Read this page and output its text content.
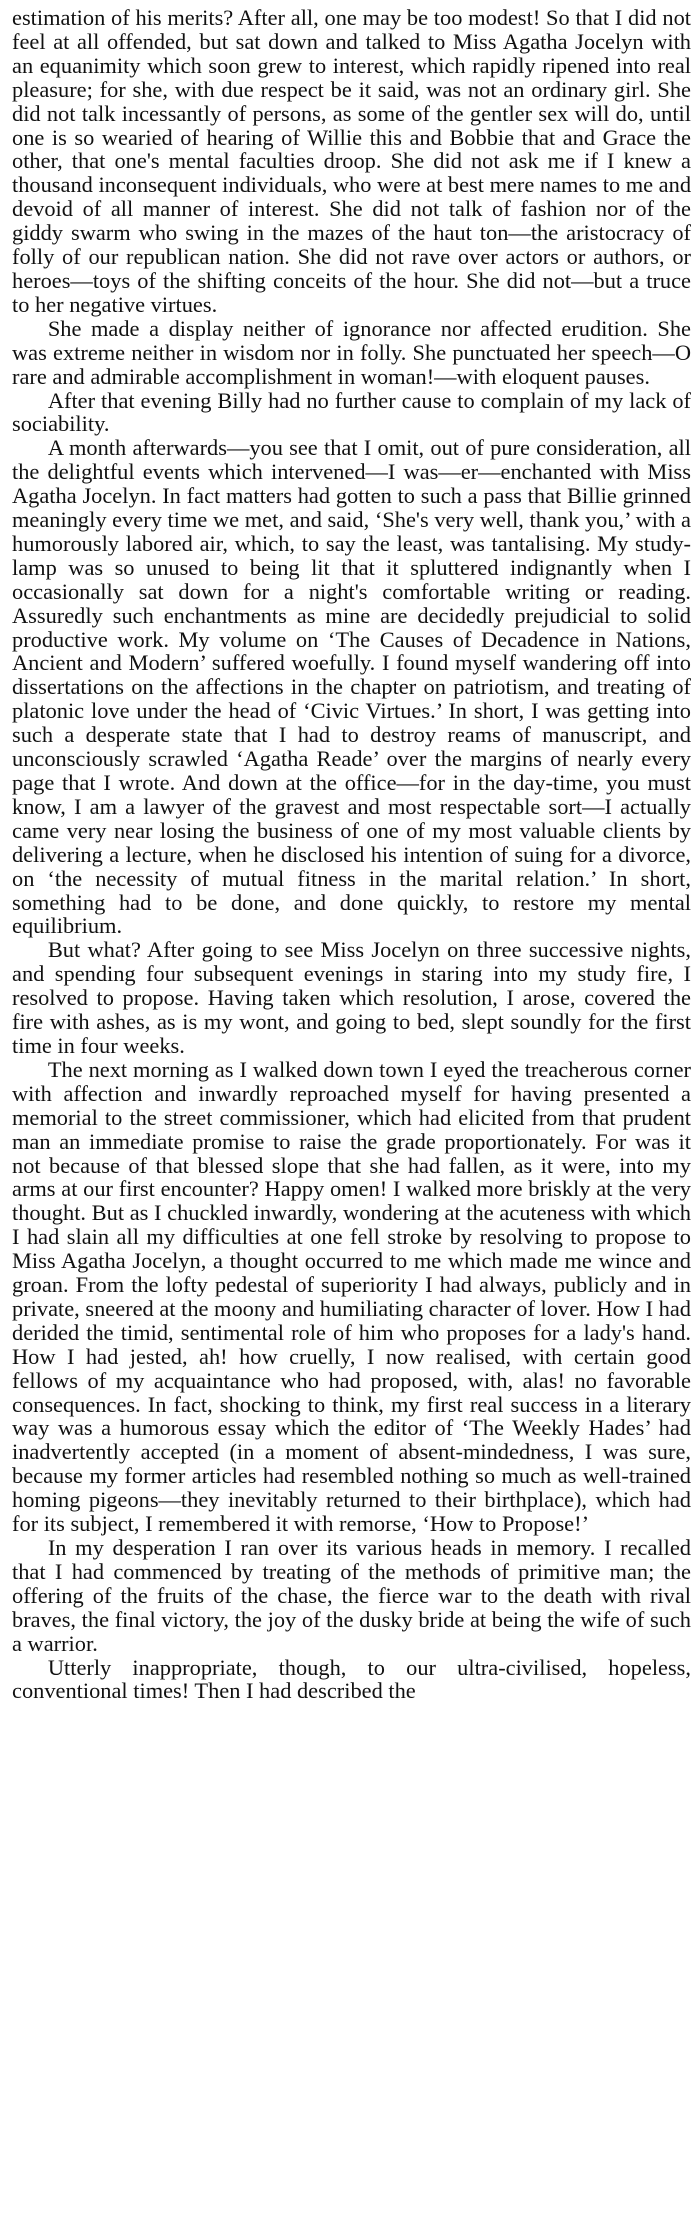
estimation of his merits? After all, one may be too modest! So that I did not feel at all offended, but sat down and talked to Miss Agatha Jocelyn with an equanimity which soon grew to interest, which rapidly ripened into real pleasure; for she, with due respect be it said, was not an ordinary girl. She did not talk incessantly of persons, as some of the gentler sex will do, until one is so wearied of hearing of Willie this and Bobbie that and Grace the other, that one's mental faculties droop. She did not ask me if I knew a thousand inconsequent individuals, who were at best mere names to me and devoid of all manner of interest. She did not talk of fashion nor of the giddy swarm who swing in the mazes of the haut ton—the aristocracy of folly of our republican nation. She did not rave over actors or authors, or heroes—toys of the shifting conceits of the hour. She did not—but a truce to her negative virtues.

She made a display neither of ignorance nor affected erudition. She was extreme neither in wisdom nor in folly. She punctuated her speech—O rare and admirable accomplishment in woman!—with eloquent pauses.

After that evening Billy had no further cause to complain of my lack of sociability.

A month afterwards—you see that I omit, out of pure consideration, all the delightful events which intervened—I was—er—enchanted with Miss Agatha Jocelyn. In fact matters had gotten to such a pass that Billie grinned meaningly every time we met, and said, ‘She's very well, thank you,’ with a humorously labored air, which, to say the least, was tantalising. My study-lamp was so unused to being lit that it spluttered indignantly when I occasionally sat down for a night's comfortable writing or reading. Assuredly such enchantments as mine are decidedly prejudicial to solid productive work. My volume on ‘The Causes of Decadence in Nations, Ancient and Modern’ suffered woefully. I found myself wandering off into dissertations on the affections in the chapter on patriotism, and treating of platonic love under the head of ‘Civic Virtues.’ In short, I was getting into such a desperate state that I had to destroy reams of manuscript, and unconsciously scrawled ‘Agatha Reade’ over the margins of nearly every page that I wrote. And down at the office—for in the day-time, you must know, I am a lawyer of the gravest and most respectable sort—I actually came very near losing the business of one of my most valuable clients by delivering a lecture, when he disclosed his intention of suing for a divorce, on ‘the necessity of mutual fitness in the marital relation.’ In short, something had to be done, and done quickly, to restore my mental equilibrium.

But what? After going to see Miss Jocelyn on three successive nights, and spending four subsequent evenings in staring into my study fire, I resolved to propose. Having taken which resolution, I arose, covered the fire with ashes, as is my wont, and going to bed, slept soundly for the first time in four weeks.

The next morning as I walked down town I eyed the treacherous corner with affection and inwardly reproached myself for having presented a memorial to the street commissioner, which had elicited from that prudent man an immediate promise to raise the grade proportionately. For was it not because of that blessed slope that she had fallen, as it were, into my arms at our first encounter? Happy omen! I walked more briskly at the very thought. But as I chuckled inwardly, wondering at the acuteness with which I had slain all my difficulties at one fell stroke by resolving to propose to Miss Agatha Jocelyn, a thought occurred to me which made me wince and groan. From the lofty pedestal of superiority I had always, publicly and in private, sneered at the moony and humiliating character of lover. How I had derided the timid, sentimental role of him who proposes for a lady's hand. How I had jested, ah! how cruelly, I now realised, with certain good fellows of my acquaintance who had proposed, with, alas! no favorable consequences. In fact, shocking to think, my first real success in a literary way was a humorous essay which the editor of ‘The Weekly Hades’ had inadvertently accepted (in a moment of absent-mindedness, I was sure, because my former articles had resembled nothing so much as well-trained homing pigeons—they inevitably returned to their birthplace), which had for its subject, I remembered it with remorse, ‘How to Propose!’

In my desperation I ran over its various heads in memory. I recalled that I had commenced by treating of the methods of primitive man; the offering of the fruits of the chase, the fierce war to the death with rival braves, the final victory, the joy of the dusky bride at being the wife of such a warrior.

Utterly inappropriate, though, to our ultra-civilised, hopeless, conventional times! Then I had described the
